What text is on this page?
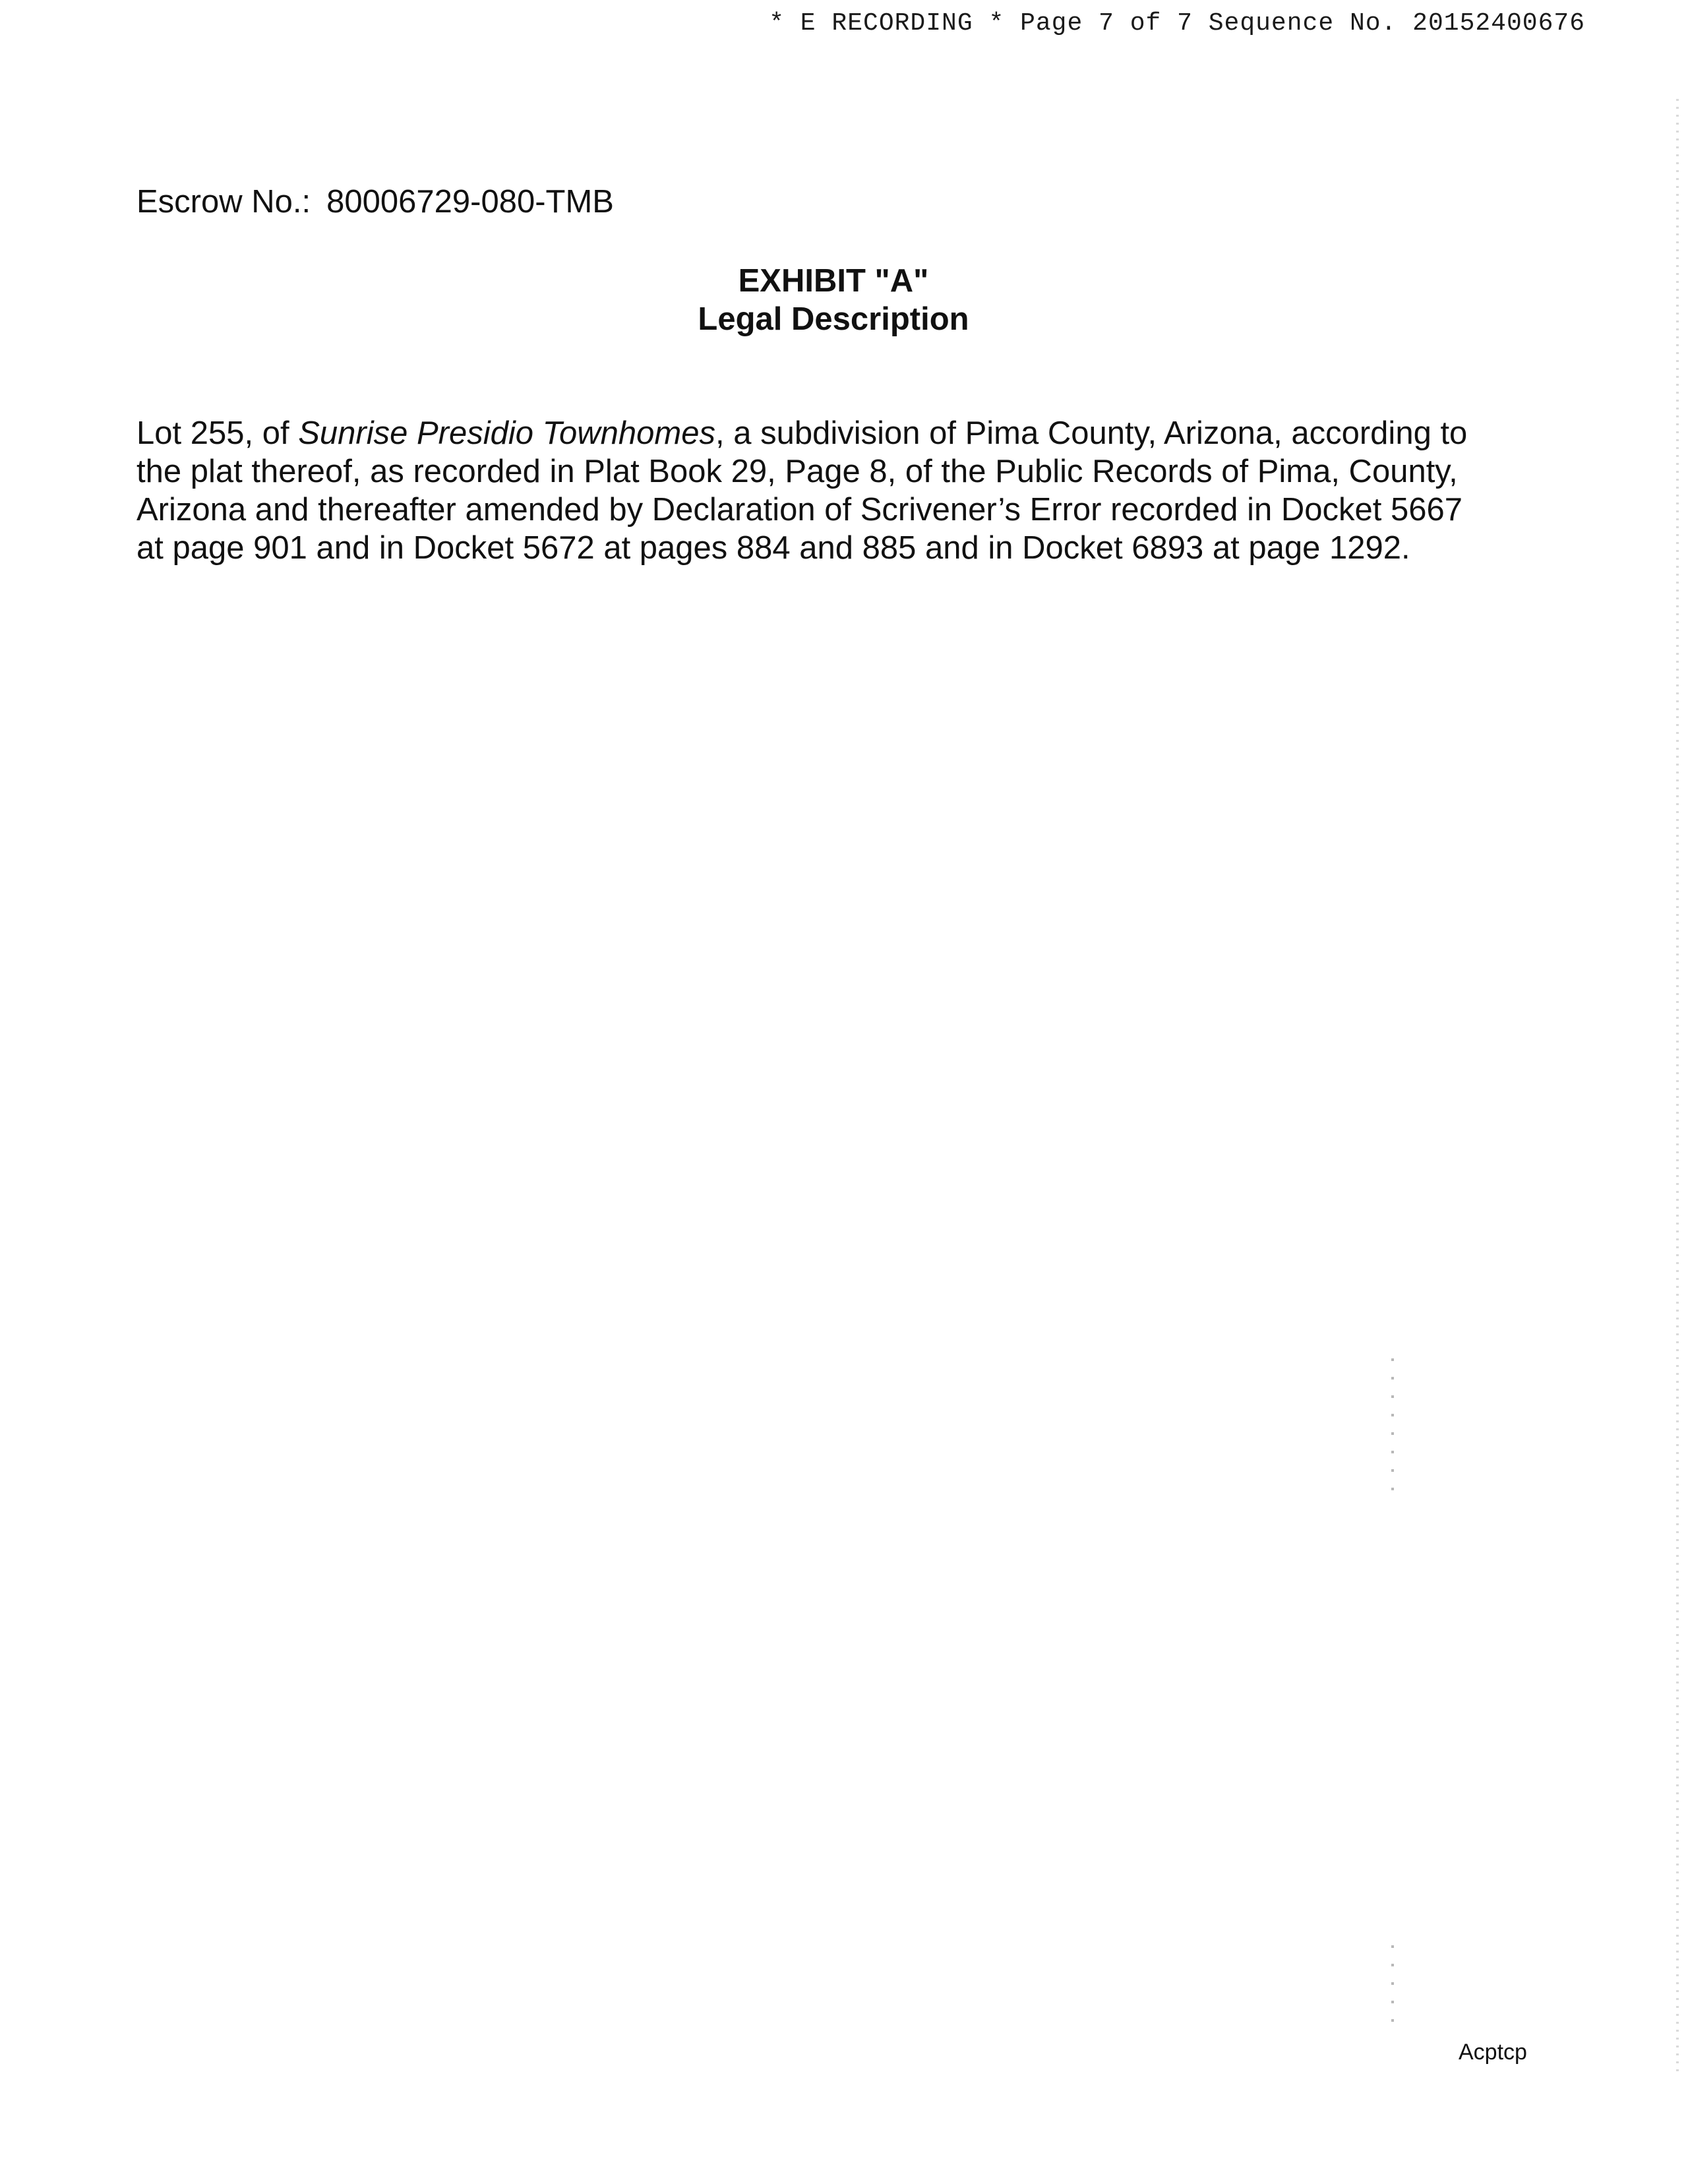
* E RECORDING * Page 7 of 7 Sequence No. 20152400676
Escrow No.: 80006729-080-TMB
EXHIBIT "A"
Legal Description
Lot 255, of Sunrise Presidio Townhomes, a subdivision of Pima County, Arizona, according to
the plat thereof, as recorded in Plat Book 29, Page 8, of the Public Records of Pima, County,
Arizona and thereafter amended by Declaration of Scrivener’s Error recorded in Docket 5667
at page 901 and in Docket 5672 at pages 884 and 885 and in Docket 6893 at page 1292.
Acptcp
